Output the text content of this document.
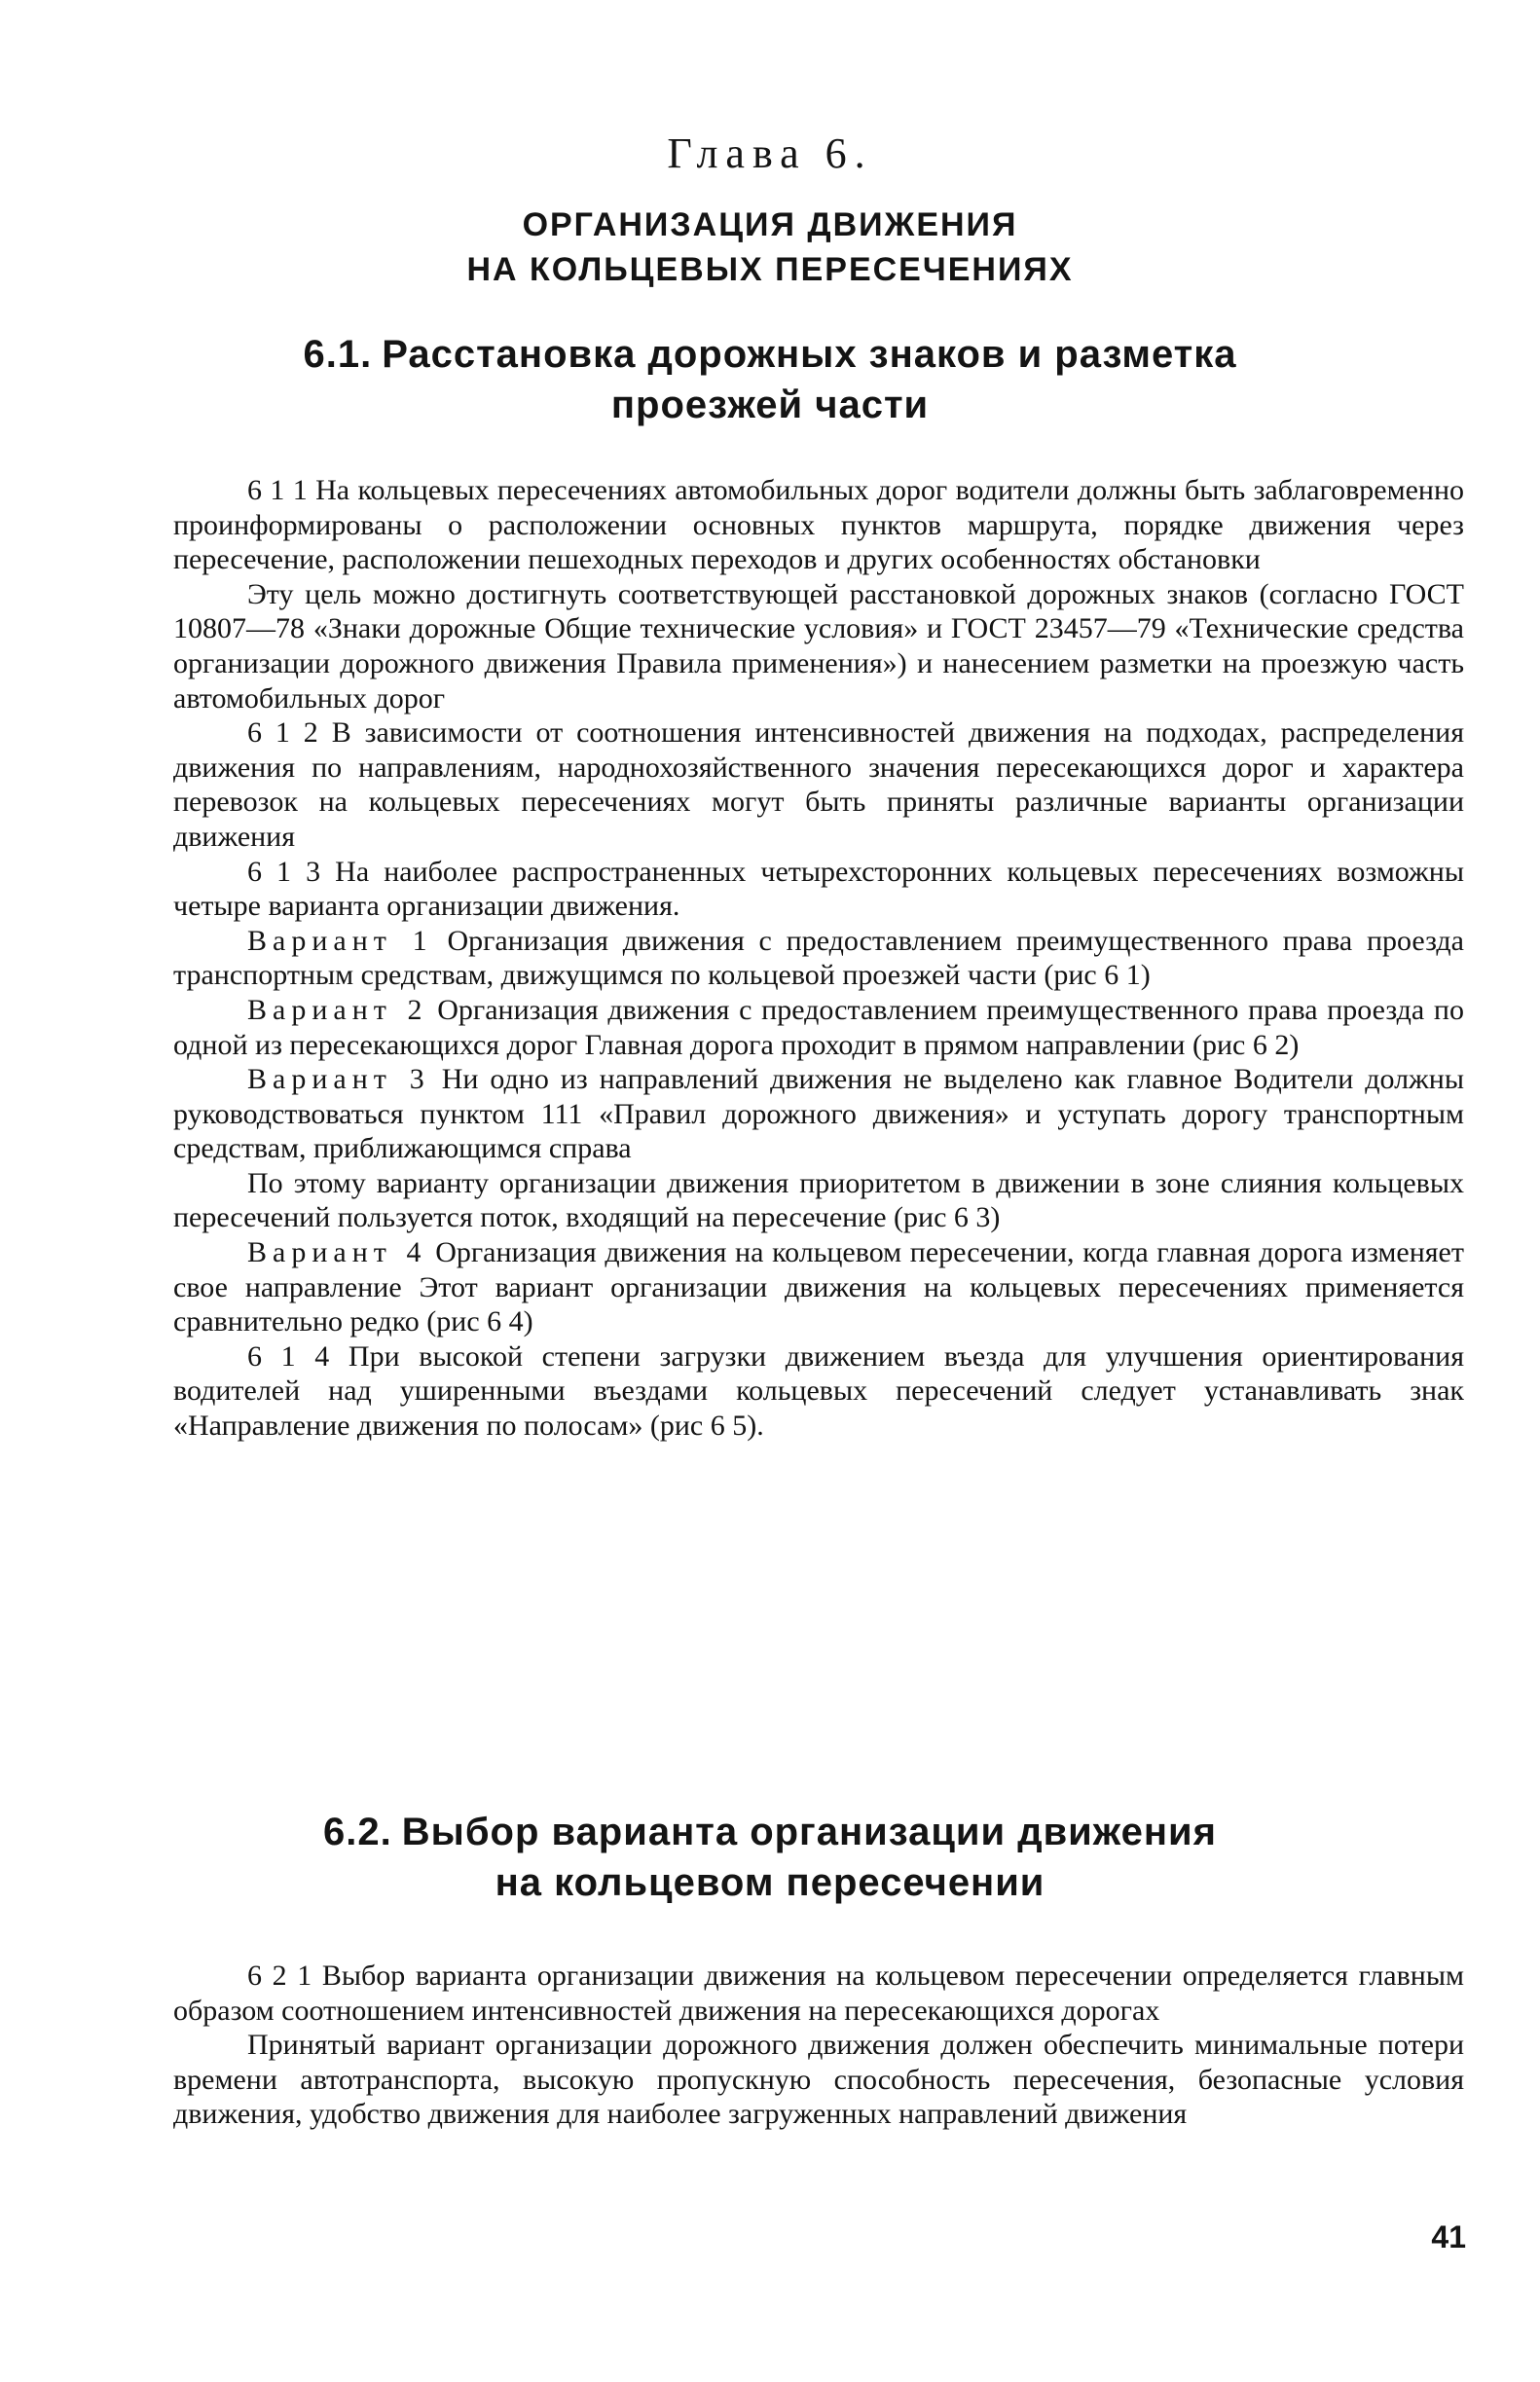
Глава 6.
ОРГАНИЗАЦИЯ ДВИЖЕНИЯ
НА КОЛЬЦЕВЫХ ПЕРЕСЕЧЕНИЯХ
6.1. Расстановка дорожных знаков и разметка
проезжей части

6 1 1 На кольцевых пересечениях автомобильных дорог водители должны быть заблаговременно проинформированы о расположении основных пунктов маршрута, порядке движения через пересечение, расположении пешеходных переходов и других особенностях обстановки

Эту цель можно достигнуть соответствующей расстановкой дорожных знаков (согласно ГОСТ 10807—78 «Знаки дорожные Общие технические условия» и ГОСТ 23457—79 «Технические средства организации дорожного движения Правила применения») и нанесением разметки на проезжую часть автомобильных дорог

6 1 2 В зависимости от соотношения интенсивностей движения на подходах, распределения движения по направлениям, народнохозяйственного значения пересекающихся дорог и характера перевозок на кольцевых пересечениях могут быть приняты различные варианты организации движения

6 1 3 На наиболее распространенных четырехсторонних кольцевых пересечениях возможны четыре варианта организации движения.

Вариант 1 Организация движения с предоставлением преимущественного права проезда транспортным средствам, движущимся по кольцевой проезжей части (рис 6 1)

Вариант 2 Организация движения с предоставлением преимущественного права проезда по одной из пересекающихся дорог Главная дорога проходит в прямом направлении (рис 6 2)

Вариант 3 Ни одно из направлений движения не выделено как главное Водители должны руководствоваться пунктом 111 «Правил дорожного движения» и уступать дорогу транспортным средствам, приближающимся справа

По этому варианту организации движения приоритетом в движении в зоне слияния кольцевых пересечений пользуется поток, входящий на пересечение (рис 6 3)

Вариант 4 Организация движения на кольцевом пересечении, когда главная дорога изменяет свое направление Этот вариант организации движения на кольцевых пересечениях применяется сравнительно редко (рис 6 4)

6 1 4 При высокой степени загрузки движением въезда для улучшения ориентирования водителей над уширенными въездами кольцевых пересечений следует устанавливать знак «Направление движения по полосам» (рис 6 5).

6.2. Выбор варианта организации движения
на кольцевом пересечении

6 2 1 Выбор варианта организации движения на кольцевом пересечении определяется главным образом соотношением интенсивностей движения на пересекающихся дорогах

Принятый вариант организации дорожного движения должен обеспечить минимальные потери времени автотранспорта, высокую пропускную способность пересечения, безопасные условия движения, удобство движения для наиболее загруженных направлений движения

41
